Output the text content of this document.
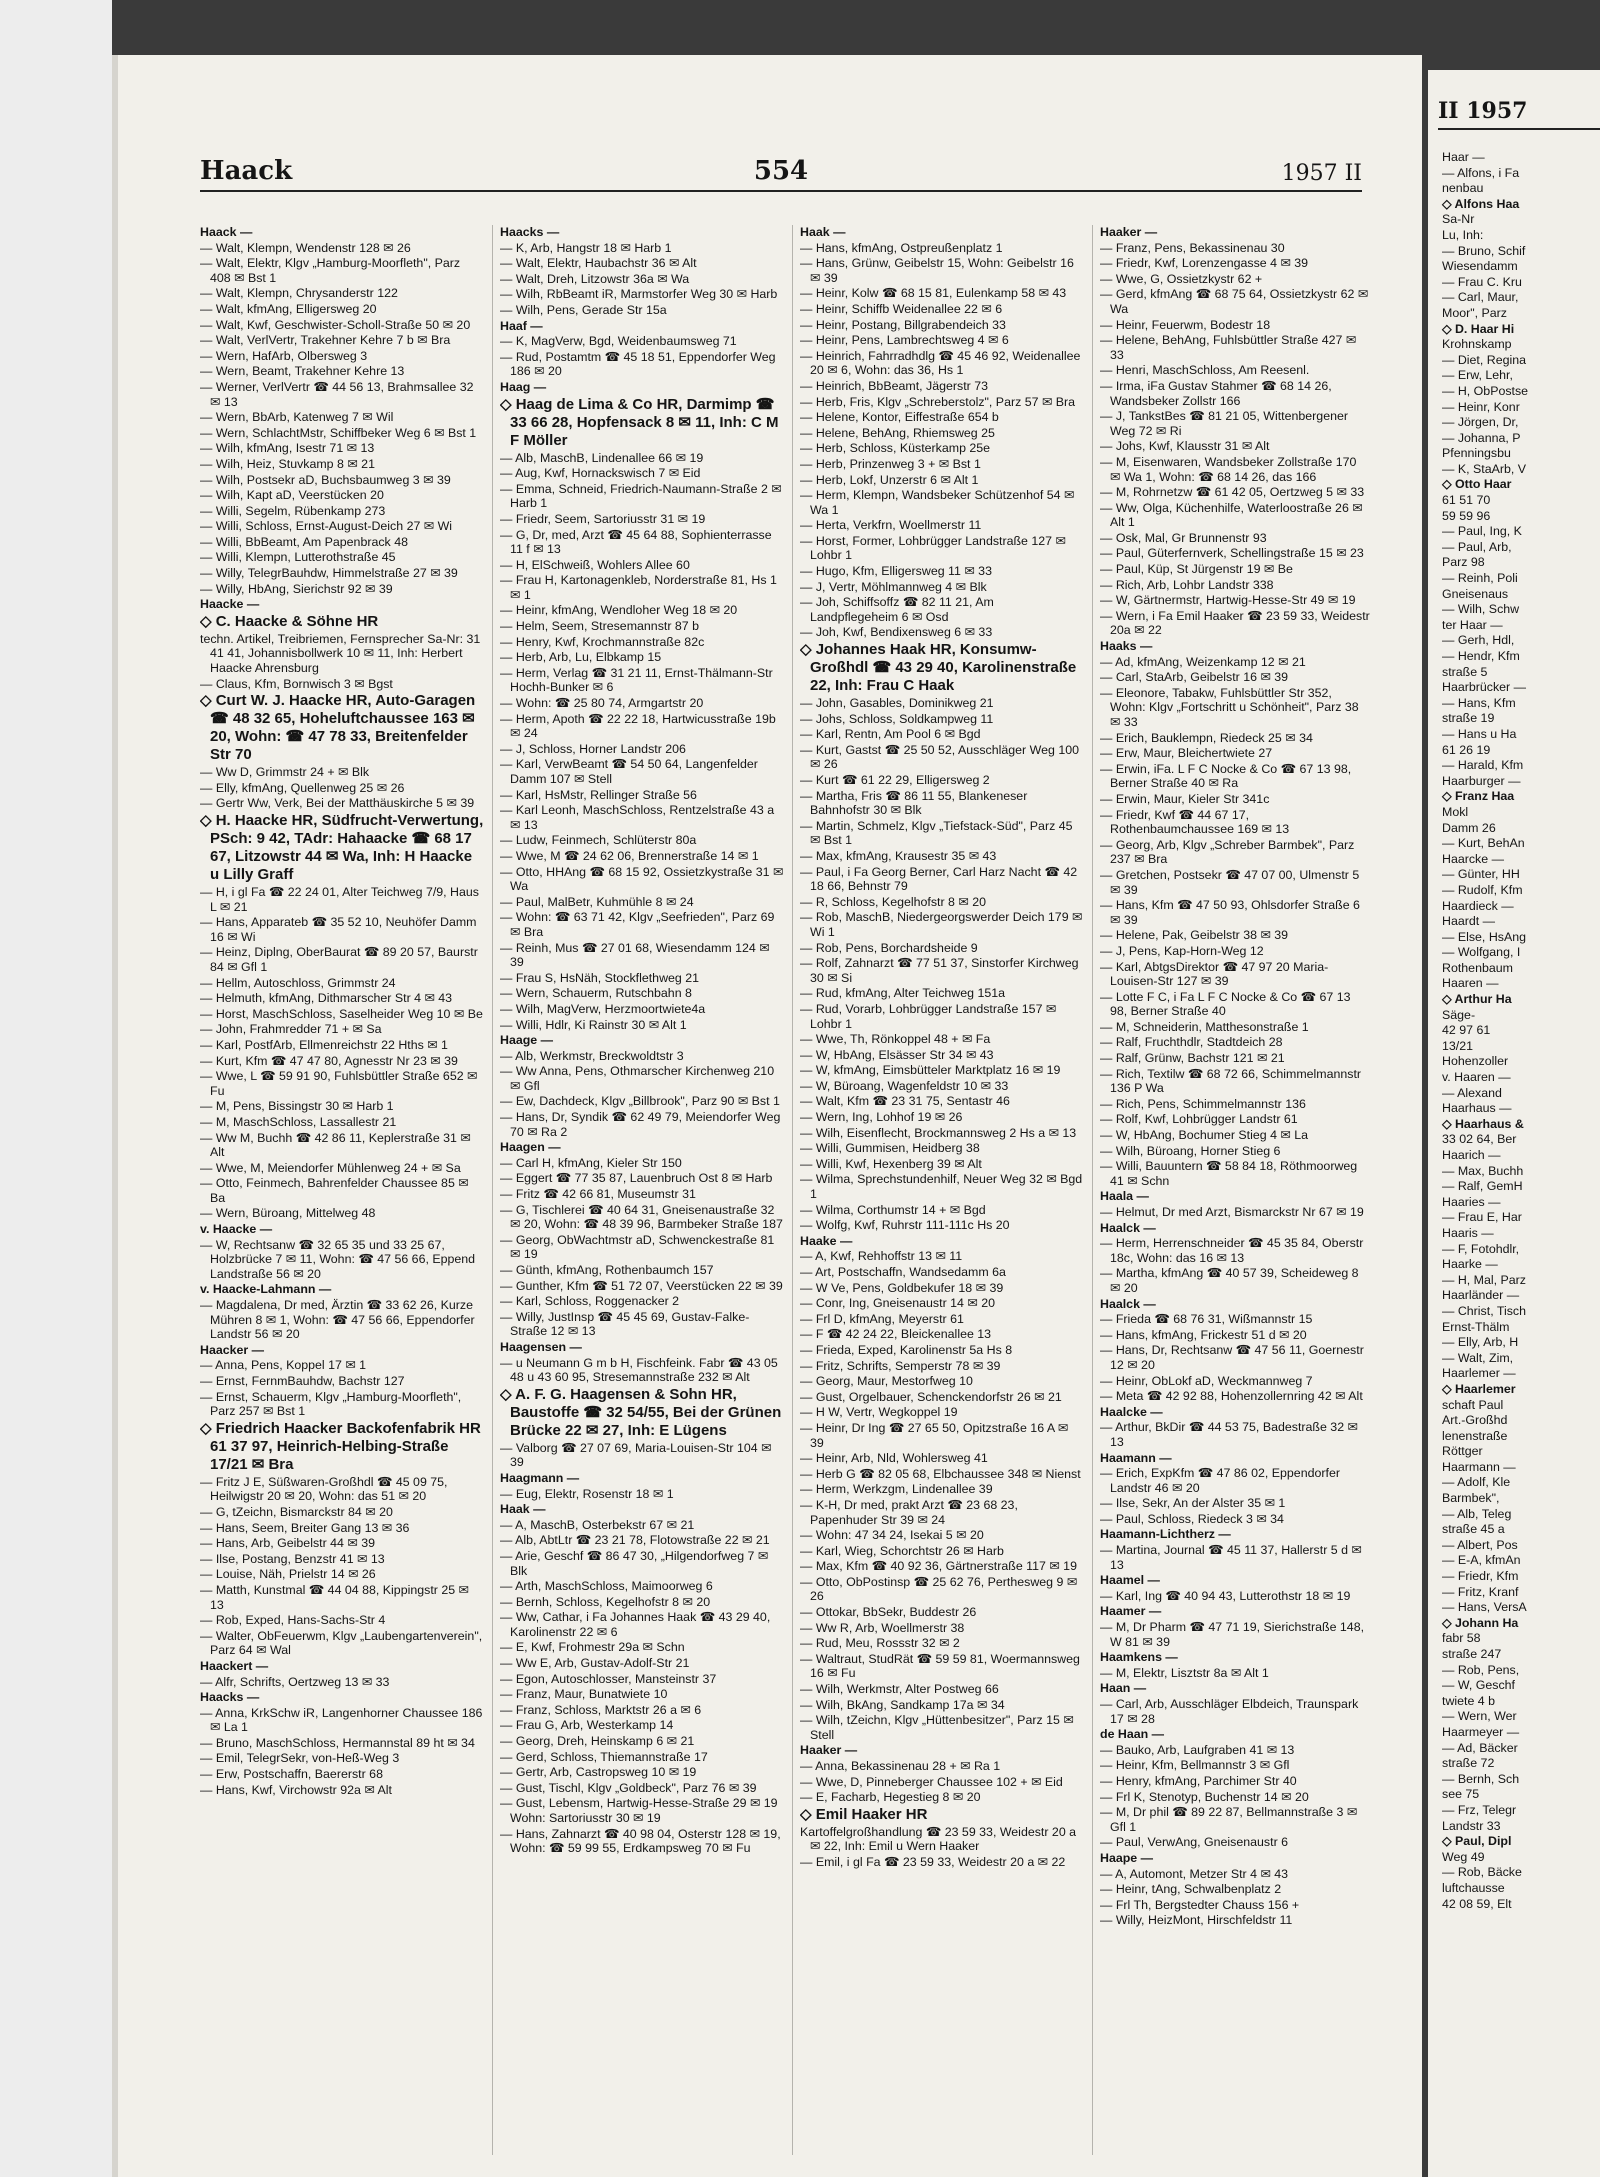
Haack	554	1957 II
Haack —
— Walt, Klempn, Wendenstr 128 ✉ 26
— Walt, Elektr, Klgv „Hamburg-Moorfleth", Parz 408 ✉ Bst 1
— Walt, Klempn, Chrysanderstr 122
— Walt, kfmAng, Elligersweg 20
— Walt, Kwf, Geschwister-Scholl-Straße 50 ✉ 20
— Walt, VerlVertr, Trakehner Kehre 7 b ✉ Bra
— Wern, HafArb, Olbersweg 3
— Wern, Beamt, Trakehner Kehre 13
— Werner, VerlVertr ☎ 44 56 13, Brahmsallee 32 ✉ 13
— Wern, BbArb, Katenweg 7 ✉ Wil
— Wern, SchlachtMstr, Schiffbeker Weg 6 ✉ Bst 1
— Wilh, kfmAng, Isestr 71 ✉ 13
— Wilh, Heiz, Stuvkamp 8 ✉ 21
— Wilh, Postsekr aD, Buchsbaumweg 3 ✉ 39
— Wilh, Kapt aD, Veerstücken 20
— Willi, Segelm, Rübenkamp 273
— Willi, Schloss, Ernst-August-Deich 27 ✉ Wi
— Willi, BbBeamt, Am Papenbrack 48
— Willi, Klempn, Lutterothstraße 45
— Willy, TelegrBauhdw, Himmelstraße 27 ✉ 39
— Willy, HbAng, Sierichstr 92 ✉ 39
Haacke —
◇ C. Haacke & Söhne HR
techn. Artikel, Treibriemen, Fernsprecher Sa-Nr: 31 41 41, Johannisbollwerk 10 ✉ 11, Inh: Herbert Haacke Ahrensburg
— Claus, Kfm, Bornwisch 3 ✉ Bgst
◇ Curt W. J. Haacke HR, Auto-Garagen ☎ 48 32 65, Hoheluftchaussee 163 ✉ 20, Wohn: ☎ 47 78 33, Breitenfelder Str 70
— Ww D, Grimmstr 24 + ✉ Blk
— Elly, kfmAng, Quellenweg 25 ✉ 26
— Gertr Ww, Verk, Bei der Matthäuskirche 5 ✉ 39
◇ H. Haacke HR, Südfrucht-Verwertung, PSch: 9 42, TAdr: Hahaacke ☎ 68 17 67, Litzowstr 44 ✉ Wa, Inh: H Haacke u Lilly Graff
— H, i gl Fa ☎ 22 24 01, Alter Teichweg 7/9, Haus L ✉ 21
— Hans, Apparateb ☎ 35 52 10, Neuhöfer Damm 16 ✉ Wi
— Heinz, Diplng, OberBaurat ☎ 89 20 57, Baurstr 84 ✉ Gfl 1
— Hellm, Autoschloss, Grimmstr 24
— Helmuth, kfmAng, Dithmarscher Str 4 ✉ 43
— Horst, MaschSchloss, Saselheider Weg 10 ✉ Be
— John, Frahmredder 71 + ✉ Sa
— Karl, PostfArb, Ellmenreichstr 22 Hths ✉ 1
— Kurt, Kfm ☎ 47 47 80, Agnesstr Nr 23 ✉ 39
— Wwe, L ☎ 59 91 90, Fuhlsbüttler Straße 652 ✉ Fu
— M, Pens, Bissingstr 30 ✉ Harb 1
— M, MaschSchloss, Lassallestr 21
— Ww M, Buchh ☎ 42 86 11, Keplerstraße 31 ✉ Alt
— Wwe, M, Meiendorfer Mühlenweg 24 + ✉ Sa
— Otto, Feinmech, Bahrenfelder Chaussee 85 ✉ Ba
— Wern, Büroang, Mittelweg 48
v. Haacke —
— W, Rechtsanw ☎ 32 65 35 und 33 25 67, Holzbrücke 7 ✉ 11, Wohn: ☎ 47 56 66, Eppend Landstraße 56 ✉ 20
v. Haacke-Lahmann —
— Magdalena, Dr med, Ärztin ☎ 33 62 26, Kurze Mühren 8 ✉ 1, Wohn: ☎ 47 56 66, Eppendorfer Landstr 56 ✉ 20
Haacker —
— Anna, Pens, Koppel 17 ✉ 1
— Ernst, FernmBauhdw, Bachstr 127
— Ernst, Schauerm, Klgv „Hamburg-Moorfleth", Parz 257 ✉ Bst 1
◇ Friedrich Haacker Backofenfabrik HR 61 37 97, Heinrich-Helbing-Straße 17/21 ✉ Bra
— Fritz J E, Süßwaren-Großhdl ☎ 45 09 75, Heilwigstr 20 ✉ 20, Wohn: das 51 ✉ 20
— G, tZeichn, Bismarckstr 84 ✉ 20
— Hans, Seem, Breiter Gang 13 ✉ 36
— Hans, Arb, Geibelstr 44 ✉ 39
— Ilse, Postang, Benzstr 41 ✉ 13
— Louise, Näh, Prielstr 14 ✉ 26
— Matth, Kunstmal ☎ 44 04 88, Kippingstr 25 ✉ 13
— Rob, Exped, Hans-Sachs-Str 4
— Walter, ObFeuerwm, Klgv „Laubengartenverein", Parz 64 ✉ Wal
Haackert —
— Alfr, Schrifts, Oertzweg 13 ✉ 33
Haacks —
— Anna, KrkSchw iR, Langenhorner Chaussee 186 ✉ La 1
— Bruno, MaschSchloss, Hermannstal 89 ht ✉ 34
— Emil, TelegrSekr, von-Heß-Weg 3
— Erw, Postschaffn, Baererstr 68
— Hans, Kwf, Virchowstr 92a ✉ Alt
Haacks —
— K, Arb, Hangstr 18 ✉ Harb 1
— Walt, Elektr, Haubachstr 36 ✉ Alt
— Walt, Dreh, Litzowstr 36a ✉ Wa
— Wilh, RbBeamt iR, Marmstorfer Weg 30 ✉ Harb
— Wilh, Pens, Gerade Str 15a
Haaf —
— K, MagVerw, Bgd, Weidenbaumsweg 71
— Rud, Postamtm ☎ 45 18 51, Eppendorfer Weg 186 ✉ 20
Haag —
◇ Haag de Lima & Co HR, Darmimp ☎ 33 66 28, Hopfensack 8 ✉ 11, Inh: C M F Möller
— Alb, MaschB, Lindenallee 66 ✉ 19
— Aug, Kwf, Hornackswisch 7 ✉ Eid
— Emma, Schneid, Friedrich-Naumann-Straße 2 ✉ Harb 1
— Friedr, Seem, Sartoriusstr 31 ✉ 19
— G, Dr, med, Arzt ☎ 45 64 88, Sophienterrasse 11 f ✉ 13
— H, ElSchweiß, Wohlers Allee 60
— Frau H, Kartonagenkleb, Norderstraße 81, Hs 1 ✉ 1
— Heinr, kfmAng, Wendloher Weg 18 ✉ 20
— Helm, Seem, Stresemannstr 87 b
— Henry, Kwf, Krochmannstraße 82c
— Herb, Arb, Lu, Elbkamp 15
— Herm, Verlag ☎ 31 21 11, Ernst-Thälmann-Str Hochh-Bunker ✉ 6
— Wohn: ☎ 25 80 74, Armgartstr 20
— Herm, Apoth ☎ 22 22 18, Hartwicusstraße 19b ✉ 24
— J, Schloss, Horner Landstr 206
— Karl, VerwBeamt ☎ 54 50 64, Langenfelder Damm 107 ✉ Stell
— Karl, HsMstr, Rellinger Straße 56
— Karl Leonh, MaschSchloss, Rentzelstraße 43 a ✉ 13
— Ludw, Feinmech, Schlüterstr 80a
— Wwe, M ☎ 24 62 06, Brennerstraße 14 ✉ 1
— Otto, HHAng ☎ 68 15 92, Ossietzkystraße 31 ✉ Wa
— Paul, MalBetr, Kuhmühle 8 ✉ 24
— Wohn: ☎ 63 71 42, Klgv „Seefrieden", Parz 69 ✉ Bra
— Reinh, Mus ☎ 27 01 68, Wiesendamm 124 ✉ 39
— Frau S, HsNäh, Stockflethweg 21
— Wern, Schauerm, Rutschbahn 8
— Wilh, MagVerw, Herzmoortwiete4a
— Willi, Hdlr, Ki Rainstr 30 ✉ Alt 1
Haage —
— Alb, Werkmstr, Breckwoldtstr 3
— Ww Anna, Pens, Othmarscher Kirchenweg 210 ✉ Gfl
— Ew, Dachdeck, Klgv „Billbrook", Parz 90 ✉ Bst 1
— Hans, Dr, Syndik ☎ 62 49 79, Meiendorfer Weg 70 ✉ Ra 2
Haagen —
— Carl H, kfmAng, Kieler Str 150
— Eggert ☎ 77 35 87, Lauenbruch Ost 8 ✉ Harb
— Fritz ☎ 42 66 81, Museumstr 31
— G, Tischlerei ☎ 40 64 31, Gneisenaustraße 32 ✉ 20, Wohn: ☎ 48 39 96, Barmbeker Straße 187
— Georg, ObWachtmstr aD, Schwenckestraße 81 ✉ 19
— Günth, kfmAng, Rothenbaumch 157
— Gunther, Kfm ☎ 51 72 07, Veerstücken 22 ✉ 39
— Karl, Schloss, Roggenacker 2
— Willy, JustInsp ☎ 45 45 69, Gustav-Falke-Straße 12 ✉ 13
Haagensen —
— u Neumann G m b H, Fischfeink. Fabr ☎ 43 05 48 u 43 60 95, Stresemannstraße 232 ✉ Alt
◇ A. F. G. Haagensen & Sohn HR, Baustoffe ☎ 32 54/55, Bei der Grünen Brücke 22 ✉ 27, Inh: E Lügens
— Valborg ☎ 27 07 69, Maria-Louisen-Str 104 ✉ 39
Haagmann —
— Eug, Elektr, Rosenstr 18 ✉ 1
Haak —
— A, MaschB, Osterbekstr 67 ✉ 21
— Alb, AbtLtr ☎ 23 21 78, Flotowstraße 22 ✉ 21
— Arie, Geschf ☎ 86 47 30, „Hilgendorfweg 7 ✉ Blk
— Arth, MaschSchloss, Maimoorweg 6
— Bernh, Schloss, Kegelhofstr 8 ✉ 20
— Ww, Cathar, i Fa Johannes Haak ☎ 43 29 40, Karolinenstr 22 ✉ 6
— E, Kwf, Frohmestr 29a ✉ Schn
— Ww E, Arb, Gustav-Adolf-Str 21
— Egon, Autoschlosser, Mansteinstr 37
— Franz, Maur, Bunatwiete 10
— Franz, Schloss, Marktstr 26 a ✉ 6
— Frau G, Arb, Westerkamp 14
— Georg, Dreh, Heinskamp 6 ✉ 21
— Gerd, Schloss, Thiemannstraße 17
— Gertr, Arb, Castropsweg 10 ✉ 19
— Gust, Tischl, Klgv „Goldbeck", Parz 76 ✉ 39
— Gust, Lebensm, Hartwig-Hesse-Straße 29 ✉ 19 Wohn: Sartoriusstr 30 ✉ 19
— Hans, Zahnarzt ☎ 40 98 04, Osterstr 128 ✉ 19, Wohn: ☎ 59 99 55, Erdkampsweg 70 ✉ Fu
Haak —
— Hans, kfmAng, Ostpreußenplatz 1
— Hans, Grünw, Geibelstr 15, Wohn: Geibelstr 16 ✉ 39
— Heinr, Kolw ☎ 68 15 81, Eulenkamp 58 ✉ 43
— Heinr, Schiffb Weidenallee 22 ✉ 6
— Heinr, Postang, Billgrabendeich 33
— Heinr, Pens, Lambrechtsweg 4 ✉ 6
— Heinrich, Fahrradhdlg ☎ 45 46 92, Weidenallee 20 ✉ 6, Wohn: das 36, Hs 1
— Heinrich, BbBeamt, Jägerstr 73
— Herb, Fris, Klgv „Schreberstolz", Parz 57 ✉ Bra
— Helene, Kontor, Eiffestraße 654 b
— Helene, BehAng, Rhiemsweg 25
— Herb, Schloss, Küsterkamp 25e
— Herb, Prinzenweg 3 + ✉ Bst 1
— Herb, Lokf, Unzerstr 6 ✉ Alt 1
— Herm, Klempn, Wandsbeker Schützenhof 54 ✉ Wa 1
— Herta, Verkfrn, Woellmerstr 11
— Horst, Former, Lohbrügger Landstraße 127 ✉ Lohbr 1
— Hugo, Kfm, Elligersweg 11 ✉ 33
— J, Vertr, Möhlmannweg 4 ✉ Blk
— Joh, Schiffsoffz ☎ 82 11 21, Am Landpflegeheim 6 ✉ Osd
— Joh, Kwf, Bendixensweg 6 ✉ 33
◇ Johannes Haak HR, Konsumw-Großhdl ☎ 43 29 40, Karolinenstraße 22, Inh: Frau C Haak
— John, Gasables, Dominikweg 21
— Johs, Schloss, Soldkampweg 11
— Karl, Rentn, Am Pool 6 ✉ Bgd
— Kurt, Gastst ☎ 25 50 52, Ausschläger Weg 100 ✉ 26
— Kurt ☎ 61 22 29, Elligersweg 2
— Martha, Fris ☎ 86 11 55, Blankeneser Bahnhofstr 30 ✉ Blk
— Martin, Schmelz, Klgv „Tiefstack-Süd", Parz 45 ✉ Bst 1
— Max, kfmAng, Krausestr 35 ✉ 43
— Paul, i Fa Georg Berner, Carl Harz Nacht ☎ 42 18 66, Behnstr 79
— R, Schloss, Kegelhofstr 8 ✉ 20
— Rob, MaschB, Niedergeorgswerder Deich 179 ✉ Wi 1
— Rob, Pens, Borchardsheide 9
— Rolf, Zahnarzt ☎ 77 51 37, Sinstorfer Kirchweg 30 ✉ Si
— Rud, kfmAng, Alter Teichweg 151a
— Rud, Vorarb, Lohbrügger Landstraße 157 ✉ Lohbr 1
— Wwe, Th, Rönkoppel 48 + ✉ Fa
— W, HbAng, Elsässer Str 34 ✉ 43
— W, kfmAng, Eimsbütteler Marktplatz 16 ✉ 19
— W, Büroang, Wagenfeldstr 10 ✉ 33
— Walt, Kfm ☎ 23 31 75, Sentastr 46
— Wern, Ing, Lohhof 19 ✉ 26
— Wilh, Eisenflecht, Brockmannsweg 2 Hs a ✉ 13
— Willi, Gummisen, Heidberg 38
— Willi, Kwf, Hexenberg 39 ✉ Alt
— Wilma, Sprechstundenhilf, Neuer Weg 32 ✉ Bgd 1
— Wilma, Corthumstr 14 + ✉ Bgd
— Wolfg, Kwf, Ruhrstr 111-111c Hs 20
Haake —
— A, Kwf, Rehhoffstr 13 ✉ 11
— Art, Postschaffn, Wandsedamm 6a
— W Ve, Pens, Goldbekufer 18 ✉ 39
— Conr, Ing, Gneisenaustr 14 ✉ 20
— Frl D, kfmAng, Meyerstr 61
— F ☎ 42 24 22, Bleickenallee 13
— Frieda, Exped, Karolinenstr 5a Hs 8
— Fritz, Schrifts, Semperstr 78 ✉ 39
— Georg, Maur, Mestorfweg 10
— Gust, Orgelbauer, Schenckendorfstr 26 ✉ 21
— H W, Vertr, Wegkoppel 19
— Heinr, Dr Ing ☎ 27 65 50, Opitzstraße 16 A ✉ 39
— Heinr, Arb, Nld, Wohlersweg 41
— Herb G ☎ 82 05 68, Elbchaussee 348 ✉ Nienst
— Herm, Werkzgm, Lindenallee 39
— K-H, Dr med, prakt Arzt ☎ 23 68 23, Papenhuder Str 39 ✉ 24
— Wohn: 47 34 24, Isekai 5 ✉ 20
— Karl, Wieg, Schorchtstr 26 ✉ Harb
— Max, Kfm ☎ 40 92 36, Gärtnerstraße 117 ✉ 19
— Otto, ObPostinsp ☎ 25 62 76, Perthesweg 9 ✉ 26
— Ottokar, BbSekr, Buddestr 26
— Ww R, Arb, Woellmerstr 38
— Rud, Meu, Rossstr 32 ✉ 2
— Waltraut, StudRät ☎ 59 59 81, Woermannsweg 16 ✉ Fu
— Wilh, Werkmstr, Alter Postweg 66
— Wilh, BkAng, Sandkamp 17a ✉ 34
— Wilh, tZeichn, Klgv „Hüttenbesitzer", Parz 15 ✉ Stell
Haaker —
— Anna, Bekassinenau 28 + ✉ Ra 1
— Wwe, D, Pinneberger Chaussee 102 + ✉ Eid
— E, Facharb, Hegestieg 8 ✉ 20
◇ Emil Haaker HR
Kartoffelgroßhandlung ☎ 23 59 33, Weidestr 20 a ✉ 22, Inh: Emil u Wern Haaker
— Emil, i gl Fa ☎ 23 59 33, Weidestr 20 a ✉ 22
Haaker —
— Franz, Pens, Bekassinenau 30
— Friedr, Kwf, Lorenzengasse 4 ✉ 39
— Wwe, G, Ossietzkystr 62 +
— Gerd, kfmAng ☎ 68 75 64, Ossietzkystr 62 ✉ Wa
— Heinr, Feuerwm, Bodestr 18
— Helene, BehAng, Fuhlsbüttler Straße 427 ✉ 33
— Henri, MaschSchloss, Am Reesenl.
— Irma, iFa Gustav Stahmer ☎ 68 14 26, Wandsbeker Zollstr 166
— J, TankstBes ☎ 81 21 05, Wittenbergener Weg 72 ✉ Ri
— Johs, Kwf, Klausstr 31 ✉ Alt
— M, Eisenwaren, Wandsbeker Zollstraße 170 ✉ Wa 1, Wohn: ☎ 68 14 26, das 166
— M, Rohrnetzw ☎ 61 42 05, Oertzweg 5 ✉ 33
— Ww, Olga, Küchenhilfe, Waterloostraße 26 ✉ Alt 1
— Osk, Mal, Gr Brunnenstr 93
— Paul, Güterfernverk, Schellingstraße 15 ✉ 23
— Paul, Küp, St Jürgenstr 19 ✉ Be
— Rich, Arb, Lohbr Landstr 338
— W, Gärtnermstr, Hartwig-Hesse-Str 49 ✉ 19
— Wern, i Fa Emil Haaker ☎ 23 59 33, Weidestr 20a ✉ 22
Haaks —
— Ad, kfmAng, Weizenkamp 12 ✉ 21
— Carl, StaArb, Geibelstr 16 ✉ 39
— Eleonore, Tabakw, Fuhlsbüttler Str 352, Wohn: Klgv „Fortschritt u Schönheit", Parz 38 ✉ 33
— Erich, Bauklempn, Riedeck 25 ✉ 34
— Erw, Maur, Bleichertwiete 27
— Erwin, iFa. L F C Nocke & Co ☎ 67 13 98, Berner Straße 40 ✉ Ra
— Erwin, Maur, Kieler Str 341c
— Friedr, Kwf ☎ 44 67 17, Rothenbaumchaussee 169 ✉ 13
— Georg, Arb, Klgv „Schreber Barmbek", Parz 237 ✉ Bra
— Gretchen, Postsekr ☎ 47 07 00, Ulmenstr 5 ✉ 39
— Hans, Kfm ☎ 47 50 93, Ohlsdorfer Straße 6 ✉ 39
— Helene, Pak, Geibelstr 38 ✉ 39
— J, Pens, Kap-Horn-Weg 12
— Karl, AbtgsDirektor ☎ 47 97 20 Maria-Louisen-Str 127 ✉ 39
— Lotte F C, i Fa L F C Nocke & Co ☎ 67 13 98, Berner Straße 40
— M, Schneiderin, Matthesonstraße 1
— Ralf, Fruchthdlr, Stadtdeich 28
— Ralf, Grünw, Bachstr 121 ✉ 21
— Rich, Textilw ☎ 68 72 66, Schimmelmannstr 136 P Wa
— Rich, Pens, Schimmelmannstr 136
— Rolf, Kwf, Lohbrügger Landstr 61
— W, HbAng, Bochumer Stieg 4 ✉ La
— Wilh, Büroang, Horner Stieg 6
— Willi, Bauuntern ☎ 58 84 18, Röthmoorweg 41 ✉ Schn
Haala —
— Helmut, Dr med Arzt, Bismarckstr Nr 67 ✉ 19
Haalck —
— Herm, Herrenschneider ☎ 45 35 84, Oberstr 18c, Wohn: das 16 ✉ 13
— Martha, kfmAng ☎ 40 57 39, Scheideweg 8 ✉ 20
Haalck —
— Frieda ☎ 68 76 31, Wißmannstr 15
— Hans, kfmAng, Frickestr 51 d ✉ 20
— Hans, Dr, Rechtsanw ☎ 47 56 11, Goernestr 12 ✉ 20
— Heinr, ObLokf aD, Weckmannweg 7
— Meta ☎ 42 92 88, Hohenzollernring 42 ✉ Alt
Haalcke —
— Arthur, BkDir ☎ 44 53 75, Badestraße 32 ✉ 13
Haamann —
— Erich, ExpKfm ☎ 47 86 02, Eppendorfer Landstr 46 ✉ 20
— Ilse, Sekr, An der Alster 35 ✉ 1
— Paul, Schloss, Riedeck 3 ✉ 34
Haamann-Lichtherz —
— Martina, Journal ☎ 45 11 37, Hallerstr 5 d ✉ 13
Haamel —
— Karl, Ing ☎ 40 94 43, Lutterothstr 18 ✉ 19
Haamer —
— M, Dr Pharm ☎ 47 71 19, Sierichstraße 148, W 81 ✉ 39
Haamkens —
— M, Elektr, Lisztstr 8a ✉ Alt 1
Haan —
— Carl, Arb, Ausschläger Elbdeich, Traunspark 17 ✉ 28
de Haan —
— Bauko, Arb, Laufgraben 41 ✉ 13
— Heinr, Kfm, Bellmannstr 3 ✉ Gfl
— Henry, kfmAng, Parchimer Str 40
— Frl K, Stenotyp, Buchenstr 14 ✉ 20
— M, Dr phil ☎ 89 22 87, Bellmannstraße 3 ✉ Gfl 1
— Paul, VerwAng, Gneisenaustr 6
Haape —
— A, Automont, Metzer Str 4 ✉ 43
— Heinr, tAng, Schwalbenplatz 2
— Frl Th, Bergstedter Chauss 156 +
— Willy, HeizMont, Hirschfeldstr 11
II 1957
Haar —
— Alfons, i Fa
nenbau
◇ Alfons Haa
Sa-Nr
Lu, Inh:
— Bruno, Schif
Wiesendamm
— Frau C. Kru
— Carl, Maur,
Moor", Parz
◇ D. Haar Hi
Krohnskamp
— Diet, Regina
— Erw, Lehr,
— H, ObPostse
— Heinr, Konr
— Jörgen, Dr,
— Johanna, P
Pfenningsbu
— K, StaArb, V
◇ Otto Haar
61 51 70
59 59 96
— Paul, Ing, K
— Paul, Arb,
Parz 98
— Reinh, Poli
Gneisenaus
— Wilh, Schw
ter Haar —
— Gerh, Hdl,
— Hendr, Kfm
straße 5
Haarbrücker —
— Hans, Kfm
straße 19
— Hans u Ha
61 26 19
— Harald, Kfm
Haarburger —
◇ Franz Haa
Mokl
Damm 26
— Kurt, BehAn
Haarcke —
— Günter, HH
— Rudolf, Kfm
Haardieck —
Haardt —
— Else, HsAng
— Wolfgang, I
Rothenbaum
Haaren —
◇ Arthur Ha
Säge-
42 97 61
13/21
Hohenzoller
v. Haaren —
— Alexand
Haarhaus —
◇ Haarhaus &
33 02 64, Ber
Haarich —
— Max, Buchh
— Ralf, GemH
Haaries —
— Frau E, Har
Haaris —
— F, Fotohdlr,
Haarke —
— H, Mal, Parz
Haarländer —
— Christ, Tisch
Ernst-Thälm
— Elly, Arb, H
— Walt, Zim,
Haarlemer —
◇ Haarlemer
schaft Paul
Art.-Großhd
lenenstraße
Röttger
Haarmann —
— Adolf, Kle
Barmbek",
— Alb, Teleg
straße 45 a
— Albert, Pos
— E-A, kfmAn
— Friedr, Kfm
— Fritz, Kranf
— Hans, VersA
◇ Johann Ha
fabr 58
straße 247
— Rob, Pens,
— W, Geschf
twiete 4 b
— Wern, Wer
Haarmeyer —
— Ad, Bäcker
straße 72
— Bernh, Sch
see 75
— Frz, Telegr
Landstr 33
◇ Paul, Dipl
Weg 49
— Rob, Bäcke
luftchausse
42 08 59, Elt
